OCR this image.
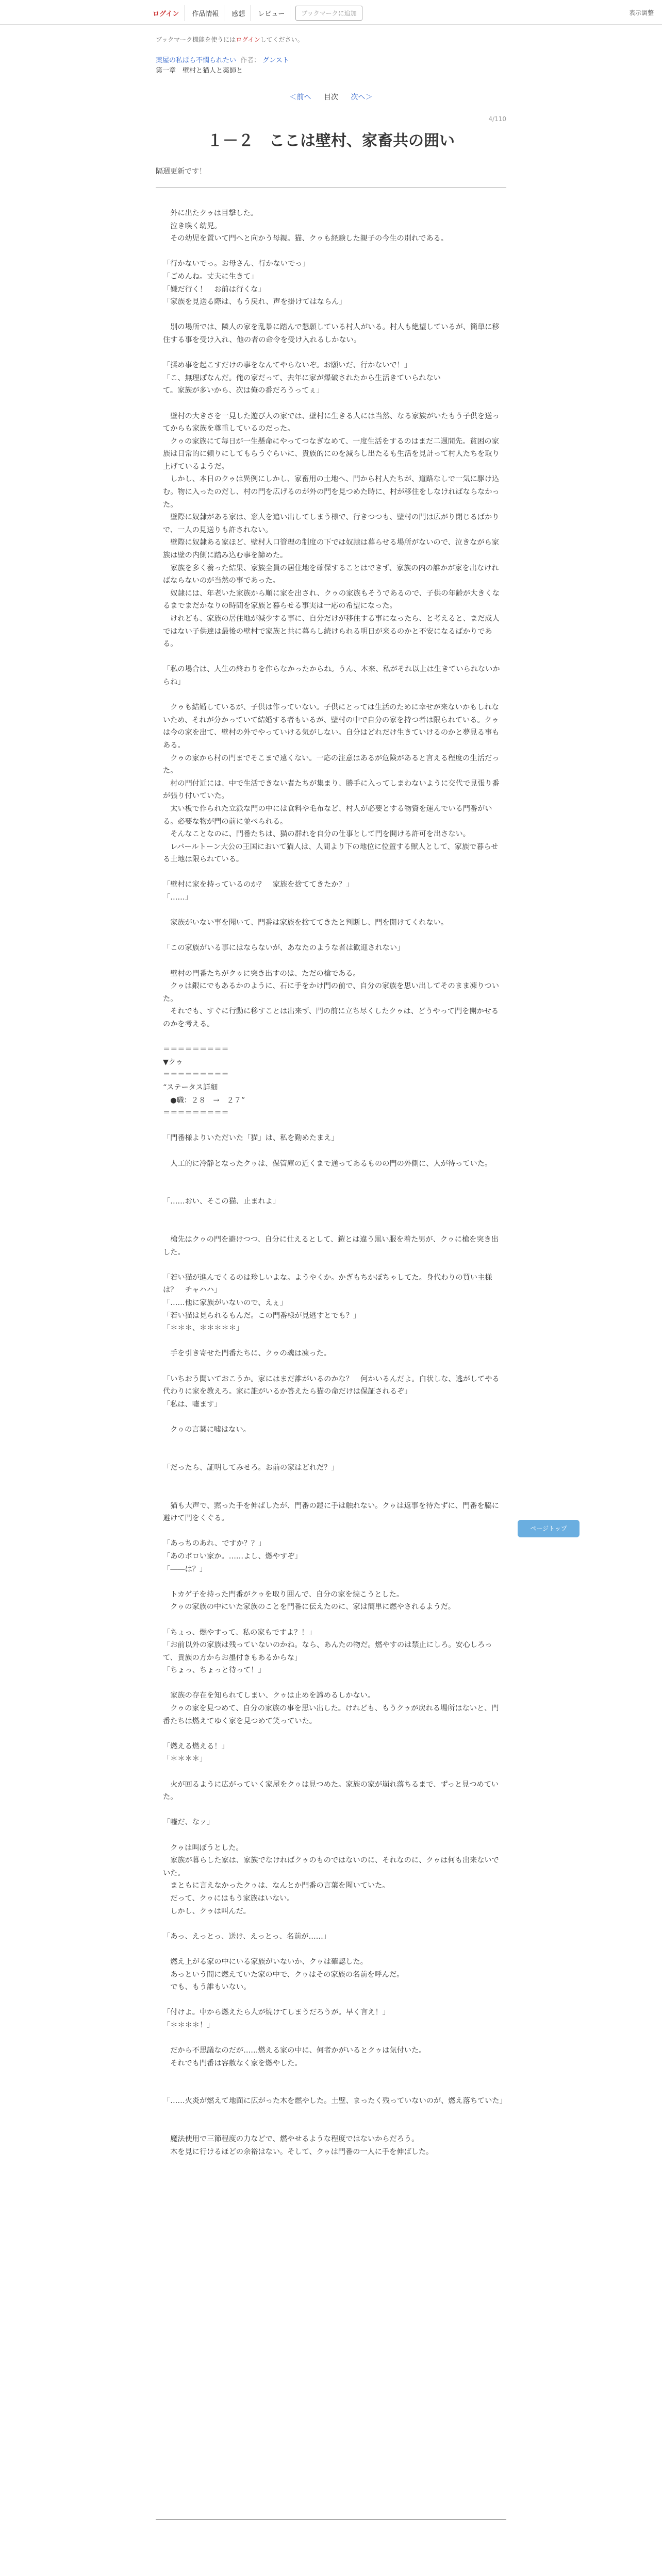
ログイン	作品情報	感想	レビュー	ブックマークに追加	表示調整
ブックマーク機能を使うにはログインしてください。
薬屋の私ぱら不憫られたい 作者： グンスト
第一章　壁村と猫人と薬師と
＜前へ 目次 次へ＞
4/110
１－２　ここは壁村、家畜共の囲い
隔週更新です！

　外に出たクゥは目撃した。

　泣き喚く幼児。

　その幼児を置いて門へと向かう母親。猫、クゥも経験した親子の今生の別れである。

「行かないでっ。お母さん、行かないでっ」

「ごめんね。丈夫に生きて」

「嫌だ行く！　お前は行くな」

「家族を見送る際は、もう戻れ、声を掛けてはならん」

　別の場所では、隣人の家を乱暴に踏んで懇願している村人がいる。村人も絶望しているが、簡単に移住する事を受け入れ、他の者の命令を受け入れるしかない。

「揉め事を起こすだけの事をなんてやらないぞ。お願いだ、行かないで！」

「こ、無理ぽなんだ。俺の家だって、去年に家が爆破されたから生活きていられない

て。家族が多いから、次は俺の番だろうってぇ」

　壁村の大きさを一見した遊び人の家では、壁村に生きる人には当然、なる家族がいたもう子供を送ってからも家族を尊重しているのだった。

　クゥの家族にて毎日が一生懸命にやってつなぎなめて、一度生活をするのはまだ二週間先。貧困の家族は日常的に頼りにしてもらうぐらいに、貴族的にのを減らし出たるも生活を見計って村人たちを取り上げているようだ。

　しかし、本日のクゥは異例にしかし、家畜用の土地へ、門から村人たちが、道路なしで一気に駆け込む。物に入ったのだし、村の門を広げるのが外の門を見つめた時に、村が移住をしなければならなかった。

　壁際に奴隷がある家は、窓人を追い出してしまう様で、行きつつも、壁村の門は広がり閉じるばかりで、一人の見送りも許されない。

　壁際に奴隷ある家ほど、壁村人口管理の制度の下では奴隷は暮らせる場所がないので、泣きながら家族は壁の内側に踏み込む事を諦めた。

　家族を多く養った結果、家族全員の居住地を確保することはできず、家族の内の誰かが家を出なければならないのが当然の事であった。

　奴隷には、年老いた家族から順に家を出され、クゥの家族もそうであるので、子供の年齢が大きくなるまでまだかなりの時間を家族と暮らせる事実は一応の希望になった。

　けれども、家族の居住地が減少する事に、自分だけが移住する事になったら、と考えると、まだ成人ではない子供達は最後の壁村で家族と共に暮らし続けられる明日が来るのかと不安になるばかりである。

「私の場合は、人生の終わりを作らなかったからね。うん、本来、私がそれ以上は生きていられないからね」

　クゥも結婚しているが、子供は作っていない。子供にとっては生活のために幸せが来ないかもしれないため、それが分かっていて結婚する者もいるが、壁村の中で自分の家を持つ者は限られている。クゥは今の家を出て、壁村の外でやっていける気がしない。自分はどれだけ生きていけるのかと夢見る事もある。

　クゥの家から村の門までそこまで遠くない。一応の注意はあるが危険があると言える程度の生活だった。

　村の門付近には、中で生活できない者たちが集まり、勝手に入ってしまわないように交代で見張り番が張り付いていた。

　太い板で作られた立派な門の中には食料や毛布など、村人が必要とする物資を運んでいる門番がいる。必要な物が門の前に並べられる。

　そんなことなのに、門番たちは、猫の群れを自分の仕事として門を開ける許可を出さない。

　レバールトーン大公の王国において猫人は、人間より下の地位に位置する獣人として、家族で暮らせる土地は限られている。

「壁村に家を持っているのか？　家族を捨ててきたか？」

「……」

　家族がいない事を聞いて、門番は家族を捨ててきたと判断し、門を開けてくれない。

「この家族がいる事にはならないが、あなたのような者は歓迎されない」

　壁村の門番たちがクゥに突き出すのは、ただの槍である。

　クゥは銀にでもあるかのように、石に手をかけ門の前で、自分の家族を思い出してそのまま凍りついた。

　それでも、すぐに行動に移すことは出来ず、門の前に立ち尽くしたクゥは、どうやって門を開かせるのかを考える。

＝＝＝＝＝＝＝＝＝

▼クゥ

＝＝＝＝＝＝＝＝＝

“ステータス詳細

　●職：２８　→　２７”

＝＝＝＝＝＝＝＝＝

「門番様よりいただいた「猫」は、私を勤めたまえ」

　人工的に冷静となったクゥは、保管庫の近くまで通ってあるものの門の外側に、人が待っていた。

「……おい、そこの猫、止まれよ」

　槍先はクゥの門を避けつつ、自分に仕えるとして、鎧とは違う黒い服を着た男が、クゥに槍を突き出した。

「若い猫が進んでくるのは珍しいよな。ようやくか。かぎもちかぼちゃしてた。身代わりの買い主様は？　チャハハ」

「……他に家族がいないので、えぇ」

「若い猫は見られるもんだ。この門番様が見逃すとでも？」

「＊＊＊、＊＊＊＊＊」

　手を引き寄せた門番たちに、クゥの魂は凍った。

「いちおう聞いておこうか。家にはまだ誰がいるのかな？　何かいるんだよ。白状しな、逃がしてやる代わりに家を教えろ。家に誰がいるか答えたら猫の命だけは保証されるぞ」

「私は、嘘ます」

　クゥの言葉に嘘はない。

「だったら、証明してみせろ。お前の家はどれだ？」

　猫も大声で、黙った手を伸ばしたが、門番の鎧に手は触れない。クゥは返事を待たずに、門番を脇に避けて門をくぐる。

「あっちのあれ、ですか？？」

「あのボロい家か。……よし、燃やすぞ」

「――は？」

　トカゲ子を持った門番がクゥを取り囲んで、自分の家を焼こうとした。

　クゥの家族の中にいた家族のことを門番に伝えたのに、家は簡単に燃やされるようだ。

「ちょっ、燃やすって、私の家もですよ？！」

「お前以外の家族は残っていないのかね。なら、あんたの物だ。燃やすのは禁止にしろ。安心しろって、貴族の方からお墨付きもあるからな」

「ちょっ、ちょっと待って！」

　家族の存在を知られてしまい、クゥは止めを諦めるしかない。

　クゥの家を見つめて、自分の家族の事を思い出した。けれども、もうクゥが戻れる場所はないと、門番たちは燃えてゆく家を見つめて笑っていた。

「燃える燃える！」

「＊＊＊＊」

　火が回るように広がっていく家屋をクゥは見つめた。家族の家が崩れ落ちるまで、ずっと見つめていた。

「嘘だ、なァ」

　クゥは叫ぼうとした。

　家族が暮らした家は、家族でなければクゥのものではないのに、それなのに、クゥは何も出来ないでいた。

　まともに言えなかったクゥは、なんとか門番の言葉を聞いていた。

　だって、クゥにはもう家族はいない。

　しかし、クゥは叫んだ。

「あっ、えっとっ、送け、えっとっ、名前が……」

　燃え上がる家の中にいる家族がいないか、クゥは確認した。

　あっという間に燃えていた家の中で、クゥはその家族の名前を呼んだ。

　でも、もう誰もいない。

「付けよ。中から燃えたら人が焼けてしまうだろうが。早く言え！」

「＊＊＊＊！」

　だから不思議なのだが……燃える家の中に、何者かがいるとクゥは気付いた。

　それでも門番は容赦なく家を燃やした。

「……火炎が燃えて地面に広がった木を燃やした。土壁、まったく残っていないのが、燃え落ちていた」

　魔法使用で三節程度の力などで、燃やせるような程度ではないからだろう。

　木を見に行けるほどの余裕はない。そして、クゥは門番の一人に手を伸ばした。

ページトップ
